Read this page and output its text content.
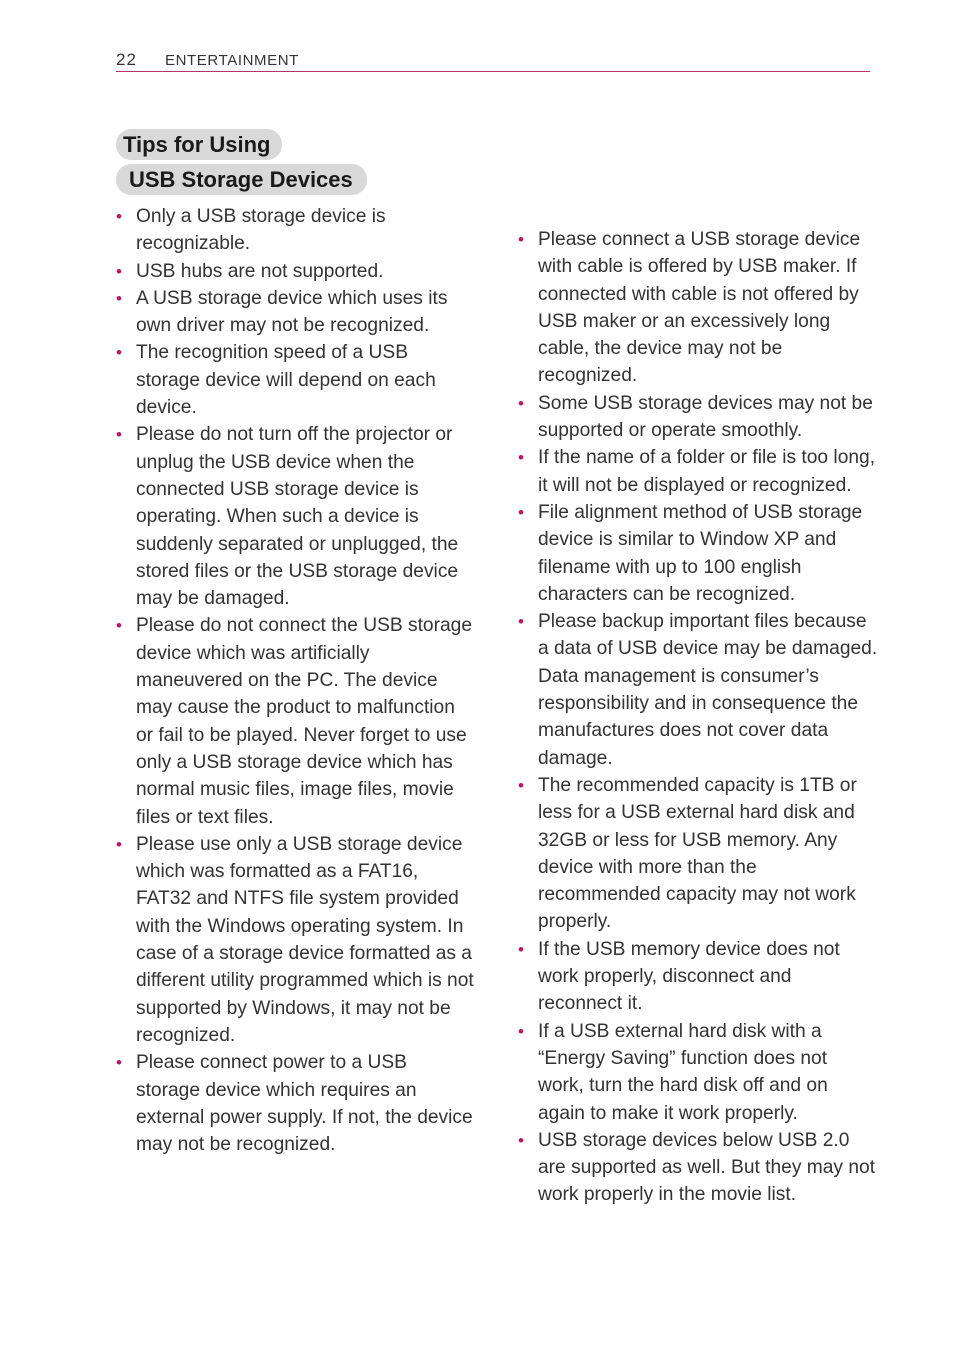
22 ENTERTAINMENT
Tips for Using
USB Storage Devices
• Only a USB storage device is recognizable.
• USB hubs are not supported.
• A USB storage device which uses its own driver may not be recognized.
• The recognition speed of a USB storage device will depend on each device.
• Please do not turn off the projector or unplug the USB device when the connected USB storage device is operating. When such a device is suddenly separated or unplugged, the stored files or the USB storage device may be damaged.
• Please do not connect the USB storage device which was artificially maneuvered on the PC. The device may cause the product to malfunction or fail to be played. Never forget to use only a USB storage device which has normal music files, image files, movie files or text files.
• Please use only a USB storage device which was formatted as a FAT16, FAT32 and NTFS file system provided with the Windows operating system. In case of a storage device formatted as a different utility programmed which is not supported by Windows, it may not be recognized.
• Please connect power to a USB storage device which requires an external power supply. If not, the device may not be recognized.
• Please connect a USB storage device with cable is offered by USB maker. If connected with cable is not offered by USB maker or an excessively long cable, the device may not be recognized.
• Some USB storage devices may not be supported or operate smoothly.
• If the name of a folder or file is too long, it will not be displayed or recognized.
• File alignment method of USB storage device is similar to Window XP and filename with up to 100 english characters can be recognized.
• Please backup important files because a data of USB device may be damaged. Data management is consumer’s responsibility and in consequence the manufactures does not cover data damage.
• The recommended capacity is 1TB or less for a USB external hard disk and 32GB or less for USB memory. Any device with more than the recommended capacity may not work properly.
• If the USB memory device does not work properly, disconnect and reconnect it.
• If a USB external hard disk with a “Energy Saving” function does not work, turn the hard disk off and on again to make it work properly.
• USB storage devices below USB 2.0 are supported as well. But they may not work properly in the movie list.
